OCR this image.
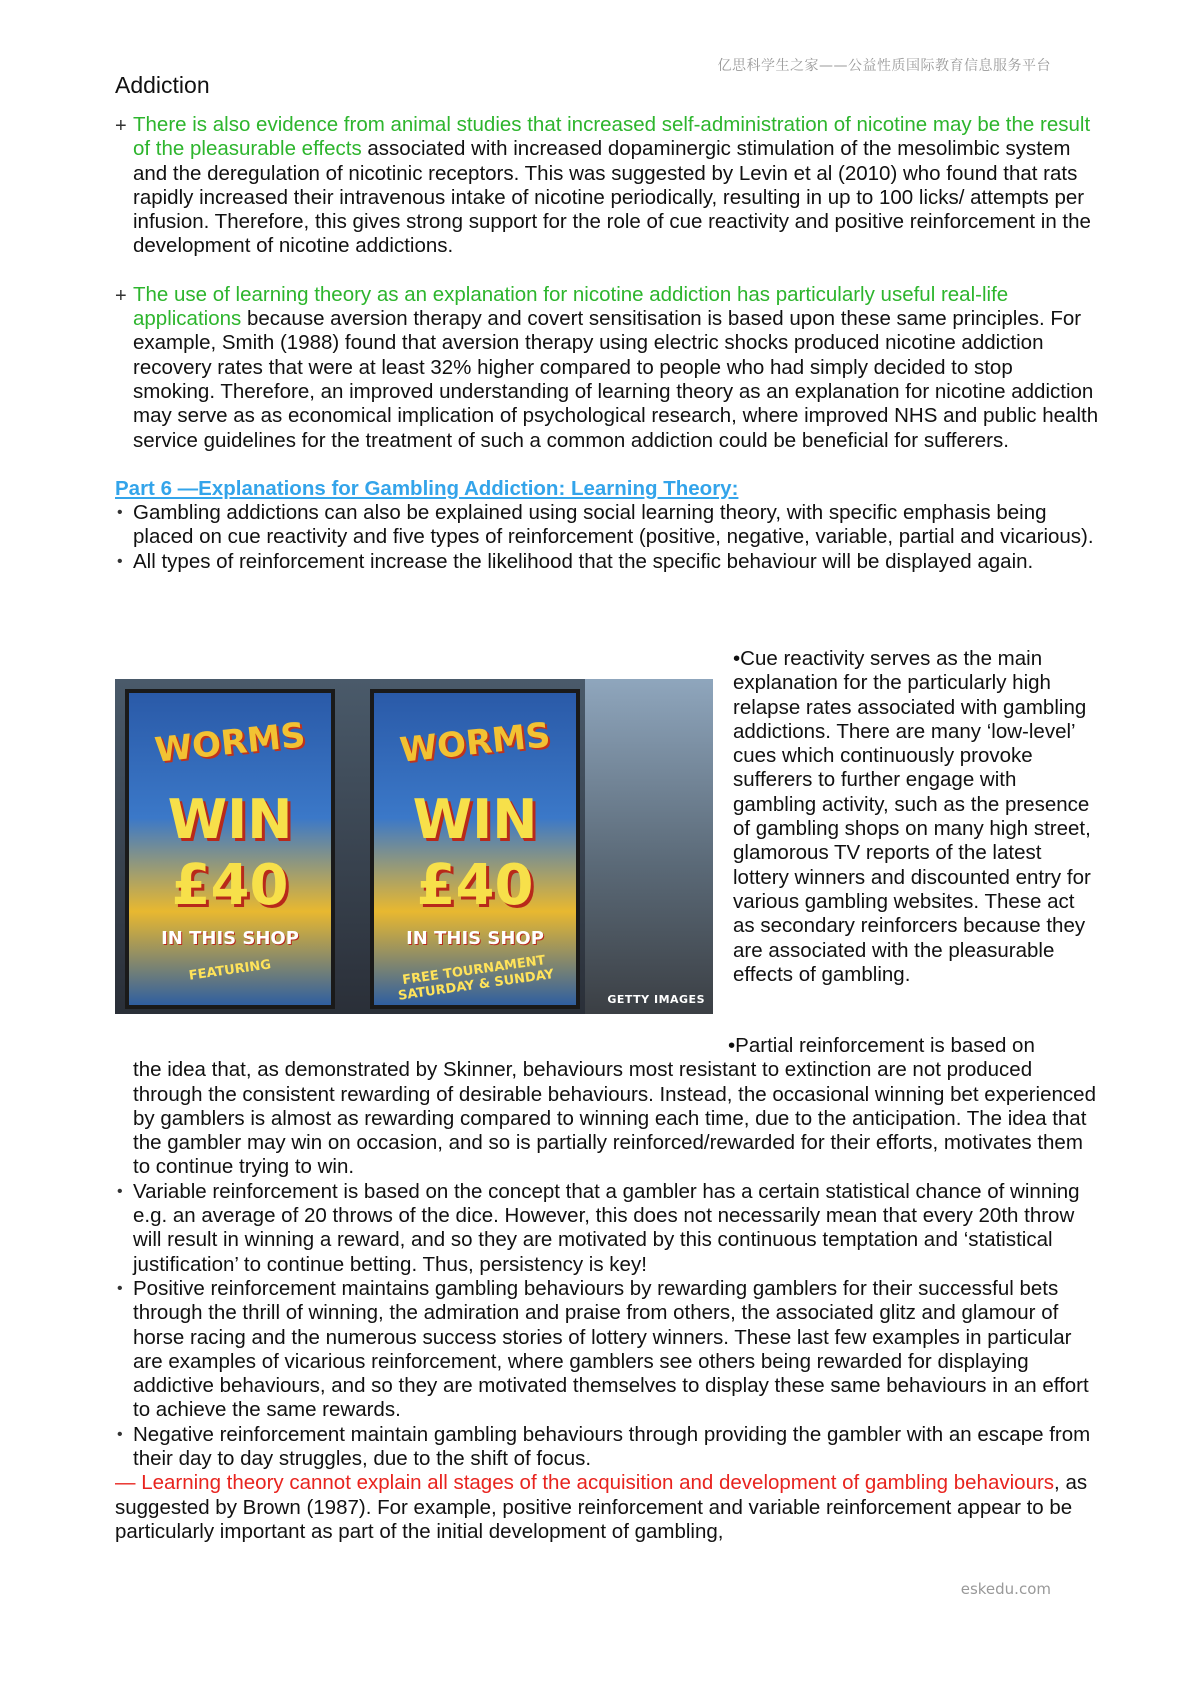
亿思科学生之家——公益性质国际教育信息服务平台
Addiction
+ There is also evidence from animal studies that increased self-administration of nicotine may be the result of the pleasurable effects associated with increased dopaminergic stimulation of the mesolimbic system and the deregulation of nicotinic receptors. This was suggested by Levin et al (2010) who found that rats rapidly increased their intravenous intake of nicotine periodically, resulting in up to 100 licks/ attempts per infusion. Therefore, this gives strong support for the role of cue reactivity and positive reinforcement in the development of nicotine addictions.
+ The use of learning theory as an explanation for nicotine addiction has particularly useful real-life applications because aversion therapy and covert sensitisation is based upon these same principles. For example, Smith (1988) found that aversion therapy using electric shocks produced nicotine addiction recovery rates that were at least 32% higher compared to people who had simply decided to stop smoking. Therefore, an improved understanding of learning theory as an explanation for nicotine addiction may serve as as economical implication of psychological research, where improved NHS and public health service guidelines for the treatment of such a common addiction could be beneficial for sufferers.
Part 6 —Explanations for Gambling Addiction: Learning Theory:
• Gambling addictions can also be explained using social learning theory, with specific emphasis being placed on cue reactivity and five types of reinforcement (positive, negative, variable, partial and vicarious).
• All types of reinforcement increase the likelihood that the specific behaviour will be displayed again.
WORMS
WIN
£40
IN THIS SHOP
FEATURING
WORMS
WIN
£40
IN THIS SHOP
FREE TOURNAMENT SATURDAY & SUNDAY	GETTY IMAGES
•Cue reactivity serves as the main explanation for the particularly high relapse rates associated with gambling addictions. There are many ‘low-level’ cues which continuously provoke sufferers to further engage with gambling activity, such as the presence of gambling shops on many high street, glamorous TV reports of the latest lottery winners and discounted entry for various gambling websites. These act as secondary reinforcers because they are associated with the pleasurable effects of gambling.
•Partial reinforcement is based on
the idea that, as demonstrated by Skinner, behaviours most resistant to extinction are not produced through the consistent rewarding of desirable behaviours. Instead, the occasional winning bet experienced by gamblers is almost as rewarding compared to winning each time, due to the anticipation. The idea that the gambler may win on occasion, and so is partially reinforced/rewarded for their efforts, motivates them to continue trying to win.
• Variable reinforcement is based on the concept that a gambler has a certain statistical chance of winning e.g. an average of 20 throws of the dice. However, this does not necessarily mean that every 20th throw will result in winning a reward, and so they are motivated by this continuous temptation and ‘statistical justification’ to continue betting. Thus, persistency is key!
• Positive reinforcement maintains gambling behaviours by rewarding gamblers for their successful bets through the thrill of winning, the admiration and praise from others, the associated glitz and glamour of horse racing and the numerous success stories of lottery winners. These last few examples in particular are examples of vicarious reinforcement, where gamblers see others being rewarded for displaying addictive behaviours, and so they are motivated themselves to display these same behaviours in an effort to achieve the same rewards.
• Negative reinforcement maintain gambling behaviours through providing the gambler with an escape from their day to day struggles, due to the shift of focus.
— Learning theory cannot explain all stages of the acquisition and development of gambling behaviours, as suggested by Brown (1987). For example, positive reinforcement and variable reinforcement appear to be particularly important as part of the initial development of gambling,
eskedu.com
